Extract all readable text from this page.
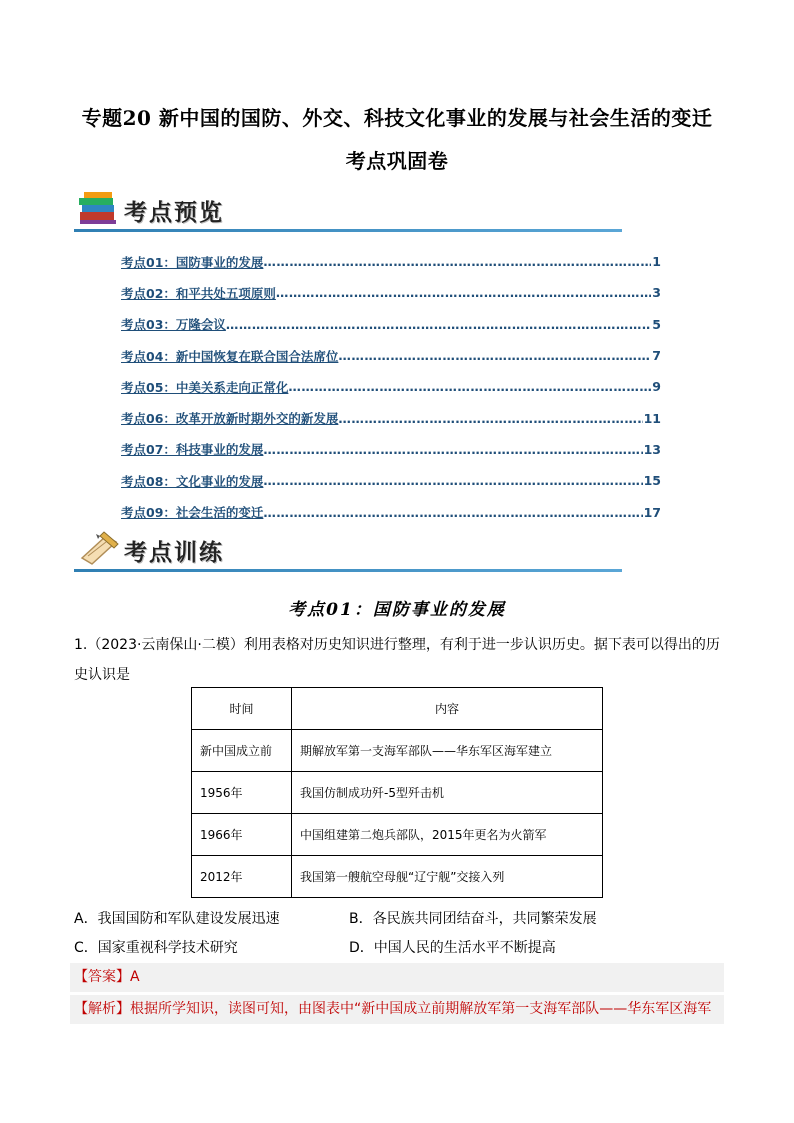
专题20 新中国的国防、外交、科技文化事业的发展与社会生活的变迁
考点巩固卷
考点预览
考点01：国防事业的发展 …………………………………………………………………………………………………………………………………………………………	1
考点02：和平共处五项原则 …………………………………………………………………………………………………………………………………………………………	3
考点03：万隆会议 …………………………………………………………………………………………………………………………………………………………	5
考点04：新中国恢复在联合国合法席位 …………………………………………………………………………………………………………………………………………………………	7
考点05：中美关系走向正常化 …………………………………………………………………………………………………………………………………………………………	9
考点06：改革开放新时期外交的新发展 …………………………………………………………………………………………………………………………………………………………	11
考点07：科技事业的发展 …………………………………………………………………………………………………………………………………………………………	13
考点08：文化事业的发展 …………………………………………………………………………………………………………………………………………………………	15
考点09：社会生活的变迁 …………………………………………………………………………………………………………………………………………………………	17
考点训练
考点01：国防事业的发展
1.（2023·云南保山·二模）利用表格对历史知识进行整理，有利于进一步认识历史。据下表可以得出的历史认识是
时间	内容
新中国成立前	期解放军第一支海军部队——华东军区海军建立
1956年	我国仿制成功歼-5型歼击机
1966年	中国组建第二炮兵部队，2015年更名为火箭军
2012年	我国第一艘航空母舰“辽宁舰”交接入列
A．我国国防和军队建设发展迅速	B．各民族共同团结奋斗，共同繁荣发展
C．国家重视科学技术研究	D．中国人民的生活水平不断提高
【答案】A
【解析】根据所学知识，读图可知，由图表中“新中国成立前期解放军第一支海军部队——华东军区海军
